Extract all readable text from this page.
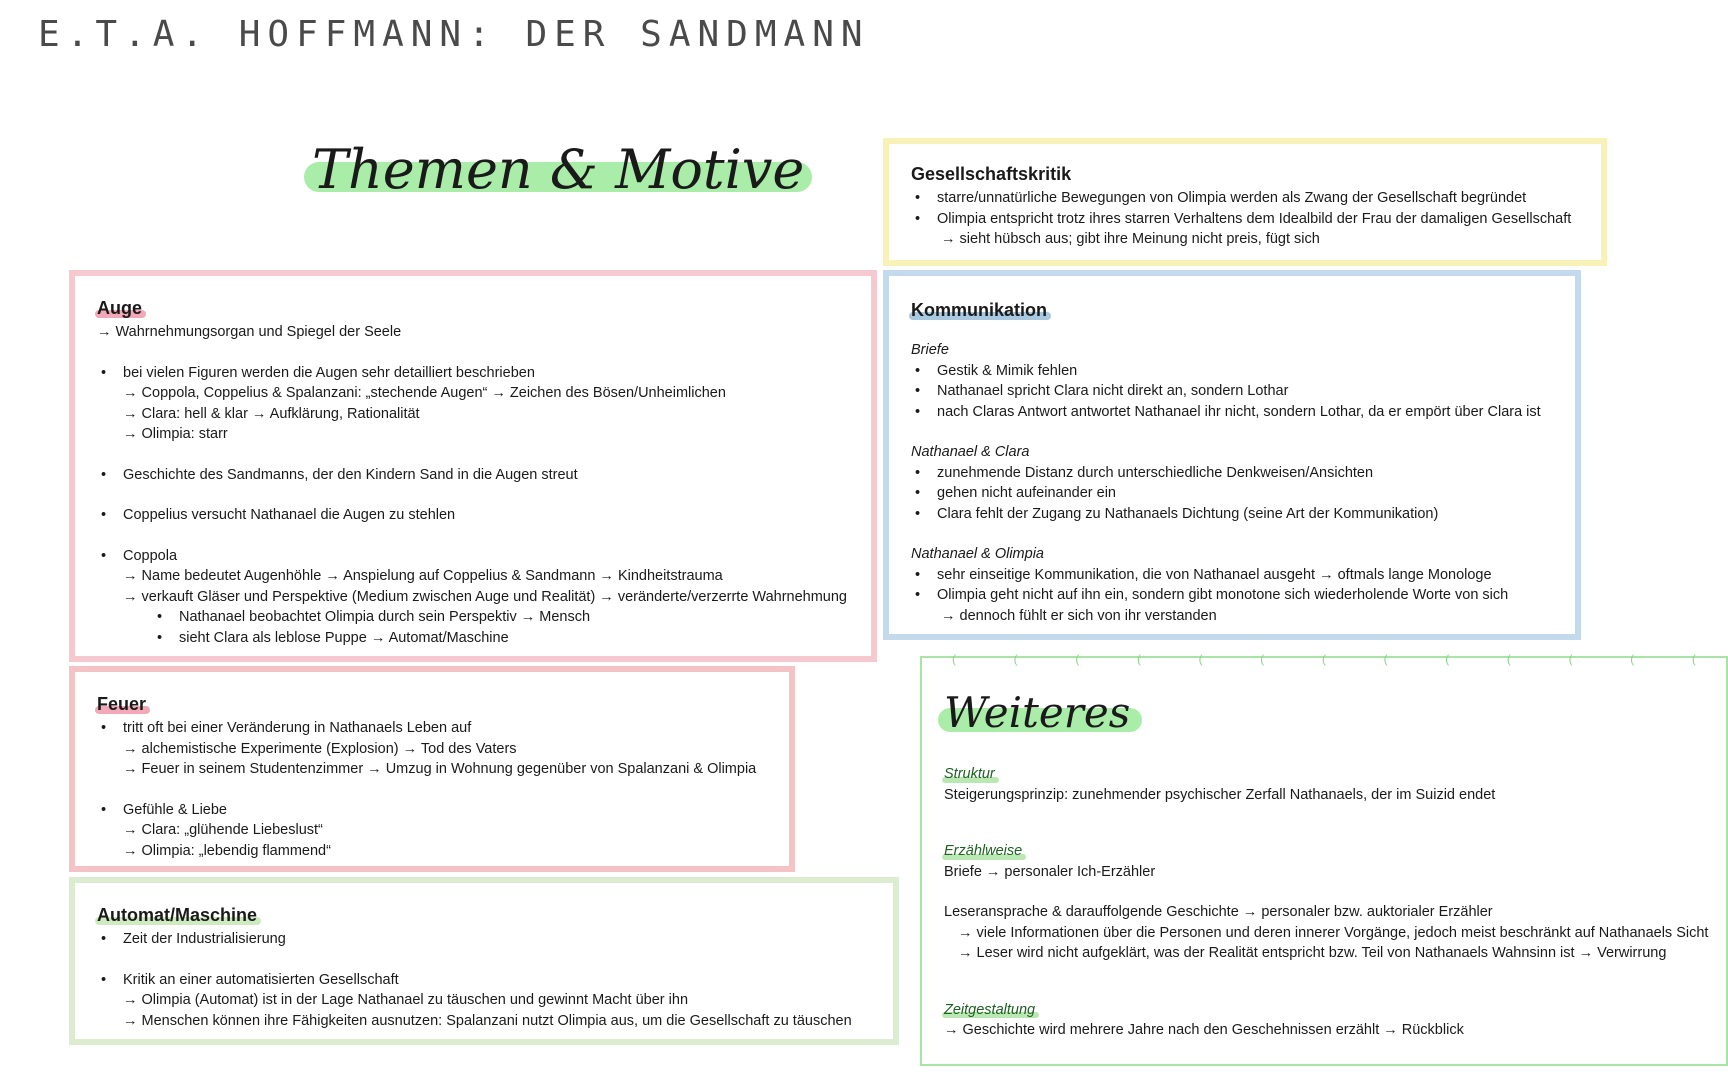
E.T.A. HOFFMANN: DER SANDMANN
Themen & Motive
Auge
→ Wahrnehmungsorgan und Spiegel der Seele
• bei vielen Figuren werden die Augen sehr detailliert beschrieben
→ Coppola, Coppelius & Spalanzani: „stechende Augen“ → Zeichen des Bösen/Unheimlichen
→ Clara: hell & klar → Aufklärung, Rationalität
→ Olimpia: starr
• Geschichte des Sandmanns, der den Kindern Sand in die Augen streut
• Coppelius versucht Nathanael die Augen zu stehlen
• Coppola
→ Name bedeutet Augenhöhle → Anspielung auf Coppelius & Sandmann → Kindheitstrauma
→ verkauft Gläser und Perspektive (Medium zwischen Auge und Realität) → veränderte/verzerrte Wahrnehmung
• Nathanael beobachtet Olimpia durch sein Perspektiv → Mensch
• sieht Clara als leblose Puppe → Automat/Maschine
Feuer
• tritt oft bei einer Veränderung in Nathanaels Leben auf
→ alchemistische Experimente (Explosion) → Tod des Vaters
→ Feuer in seinem Studentenzimmer → Umzug in Wohnung gegenüber von Spalanzani & Olimpia
• Gefühle & Liebe
→ Clara: „glühende Liebeslust“
→ Olimpia: „lebendig flammend“
Automat/Maschine
• Zeit der Industrialisierung
• Kritik an einer automatisierten Gesellschaft
→ Olimpia (Automat) ist in der Lage Nathanael zu täuschen und gewinnt Macht über ihn
→ Menschen können ihre Fähigkeiten ausnutzen: Spalanzani nutzt Olimpia aus, um die Gesellschaft zu täuschen
Gesellschaftskritik
• starre/unnatürliche Bewegungen von Olimpia werden als Zwang der Gesellschaft begründet
• Olimpia entspricht trotz ihres starren Verhaltens dem Idealbild der Frau der damaligen Gesellschaft
→ sieht hübsch aus; gibt ihre Meinung nicht preis, fügt sich
Kommunikation
Briefe
• Gestik & Mimik fehlen
• Nathanael spricht Clara nicht direkt an, sondern Lothar
• nach Claras Antwort antwortet Nathanael ihr nicht, sondern Lothar, da er empört über Clara ist
Nathanael & Clara
• zunehmende Distanz durch unterschiedliche Denkweisen/Ansichten
• gehen nicht aufeinander ein
• Clara fehlt der Zugang zu Nathanaels Dichtung (seine Art der Kommunikation)
Nathanael & Olimpia
• sehr einseitige Kommunikation, die von Nathanael ausgeht → oftmals lange Monologe
• Olimpia geht nicht auf ihn ein, sondern gibt monotone sich wiederholende Worte von sich
→ dennoch fühlt er sich von ihr verstanden
(	(	(	(	(	(	(	(	(	(	(	(	(
Weiteres
Struktur
Steigerungsprinzip: zunehmender psychischer Zerfall Nathanaels, der im Suizid endet
Erzählweise
Briefe → personaler Ich-Erzähler
Leseransprache & darauffolgende Geschichte → personaler bzw. auktorialer Erzähler
→ viele Informationen über die Personen und deren innerer Vorgänge, jedoch meist beschränkt auf Nathanaels Sicht
→ Leser wird nicht aufgeklärt, was der Realität entspricht bzw. Teil von Nathanaels Wahnsinn ist → Verwirrung
Zeitgestaltung
→ Geschichte wird mehrere Jahre nach den Geschehnissen erzählt → Rückblick
